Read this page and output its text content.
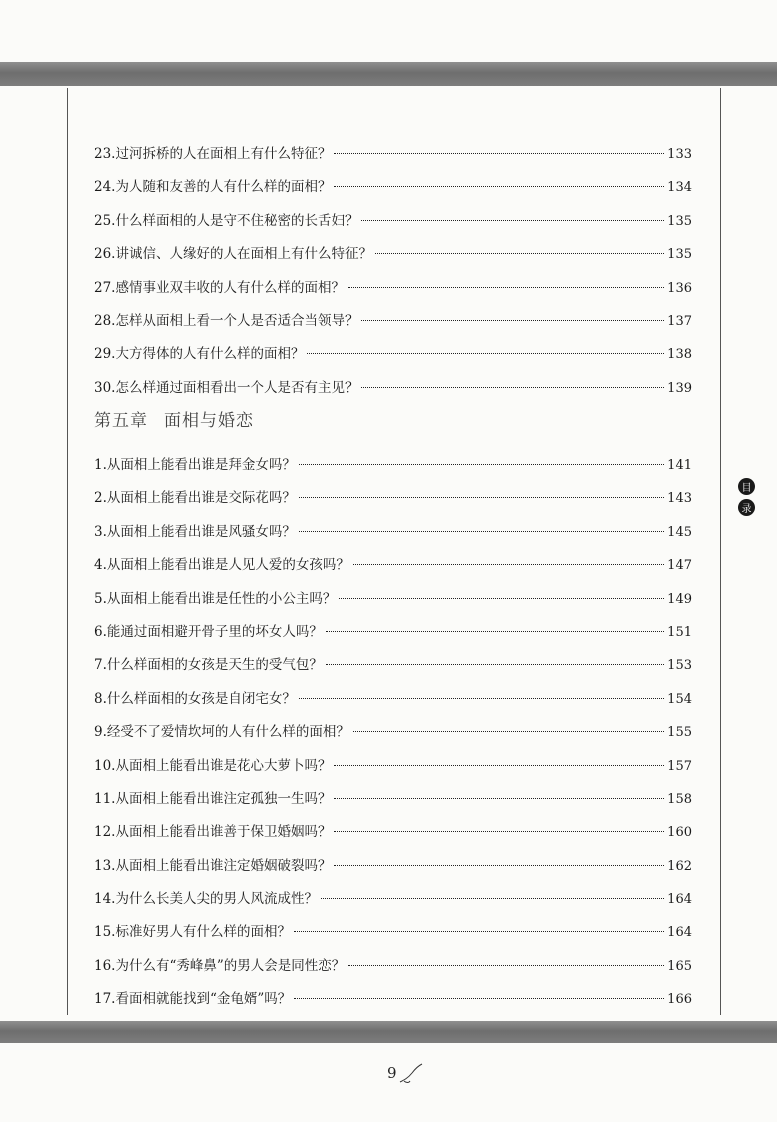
23. 过河拆桥的人在面相上有什么特征？	133
24. 为人随和友善的人有什么样的面相？	134
25. 什么样面相的人是守不住秘密的长舌妇？	135
26. 讲诚信、人缘好的人在面相上有什么特征？	135
27. 感情事业双丰收的人有什么样的面相？	136
28. 怎样从面相上看一个人是否适合当领导？	137
29. 大方得体的人有什么样的面相？	138
30. 怎么样通过面相看出一个人是否有主见？	139
第五章 面相与婚恋
1. 从面相上能看出谁是拜金女吗？	141
2. 从面相上能看出谁是交际花吗？	143
3. 从面相上能看出谁是风骚女吗？	145
4. 从面相上能看出谁是人见人爱的女孩吗？	147
5. 从面相上能看出谁是任性的小公主吗？	149
6. 能通过面相避开骨子里的坏女人吗？	151
7. 什么样面相的女孩是天生的受气包？	153
8. 什么样面相的女孩是自闭宅女？	154
9. 经受不了爱情坎坷的人有什么样的面相？	155
10. 从面相上能看出谁是花心大萝卜吗？	157
11. 从面相上能看出谁注定孤独一生吗？	158
12. 从面相上能看出谁善于保卫婚姻吗？	160
13. 从面相上能看出谁注定婚姻破裂吗？	162
14. 为什么长美人尖的男人风流成性？	164
15. 标准好男人有什么样的面相？	164
16. 为什么有“秀峰鼻”的男人会是同性恋？	165
17. 看面相就能找到“金龟婿”吗？	166
目
录
9
